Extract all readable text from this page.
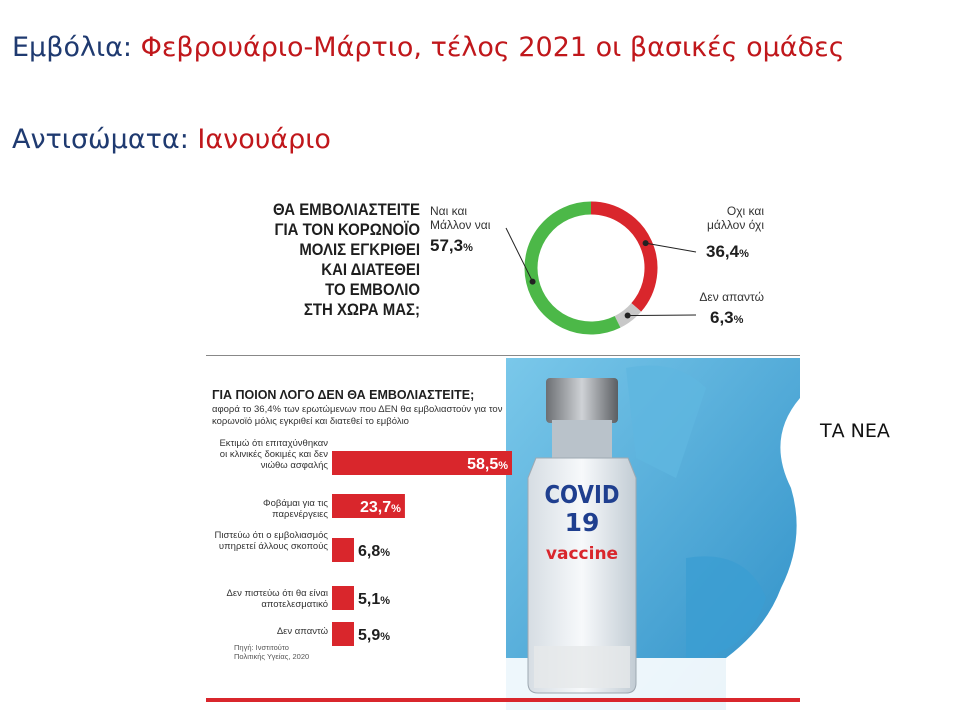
Εμβόλια: Φεβρουάριο-Μάρτιο, τέλος 2021 οι βασικές ομάδες
Αντισώματα: Ιανουάριο
ΘΑ ΕΜΒΟΛΙΑΣΤΕΙΤΕ
ΓΙΑ ΤΟΝ ΚΟΡΩΝΟΪΟ
ΜΟΛΙΣ ΕΓΚΡΙΘΕΙ
ΚΑΙ ΔΙΑΤΕΘΕΙ
ΤΟ ΕΜΒΟΛΙΟ
ΣΤΗ ΧΩΡΑ ΜΑΣ;
Ναι και
Μάλλον ναι
57,3%
Οχι και
μάλλον όχι
36,4%
Δεν απαντώ
6,3%
COVID
19
vaccine
ΓΙΑ ΠΟΙΟΝ ΛΟΓΟ ΔΕΝ ΘΑ ΕΜΒΟΛΙΑΣΤΕΙΤΕ;
αφορά το 36,4% των ερωτώμενων που ΔΕΝ θα εμβολιαστούν για τον κορωνοϊό μόλις εγκριθεί και διατεθεί το εμβόλιο
Εκτιμώ ότι επιταχύνθηκαν οι κλινικές δοκιμές και δεν νιώθω ασφαλής
Φοβάμαι για τις παρενέργειες
Πιστεύω ότι ο εμβολιασμός υπηρετεί άλλους σκοπούς
Δεν πιστεύω ότι θα είναι αποτελεσματικό
Δεν απαντώ
58,5%
23,7%
6,8%
5,1%
5,9%
Πηγή: Ινστιτούτο
Πολιτικής Υγείας, 2020
ΤΑ ΝΕΑ
